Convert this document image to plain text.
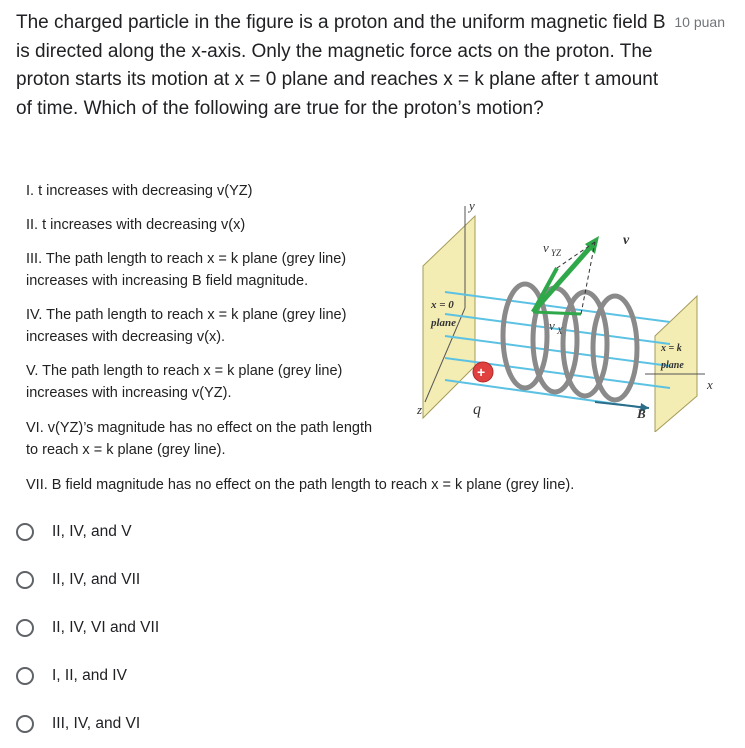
The charged particle in the figure is a proton and the uniform magnetic field B is directed along the x-axis. Only the magnetic force acts on the proton. The proton starts its motion at x = 0 plane and reaches x = k plane after t amount of time. Which of the following are true for the proton’s motion?
10 puan
I. t increases with decreasing v(YZ)
II. t increases with decreasing v(x)
III. The path length to reach x = k plane (grey line)
increases with increasing B field magnitude.
IV. The path length to reach x = k plane (grey line)
increases with decreasing v(x).
V. The path length to reach x = k plane (grey line)
increases with increasing v(YZ).
VI. v(YZ)’s magnitude has no effect on the path length
to reach x = k plane (grey line).
VII. B field magnitude has no effect on the path length to reach x = k plane (grey line).
y
z
x
x = 0
plane
x = k
plane
v YZ
v X
v
q	B
+
II, IV, and V
II, IV, and VII
II, IV, VI and VII
I, II, and IV
III, IV, and VI
